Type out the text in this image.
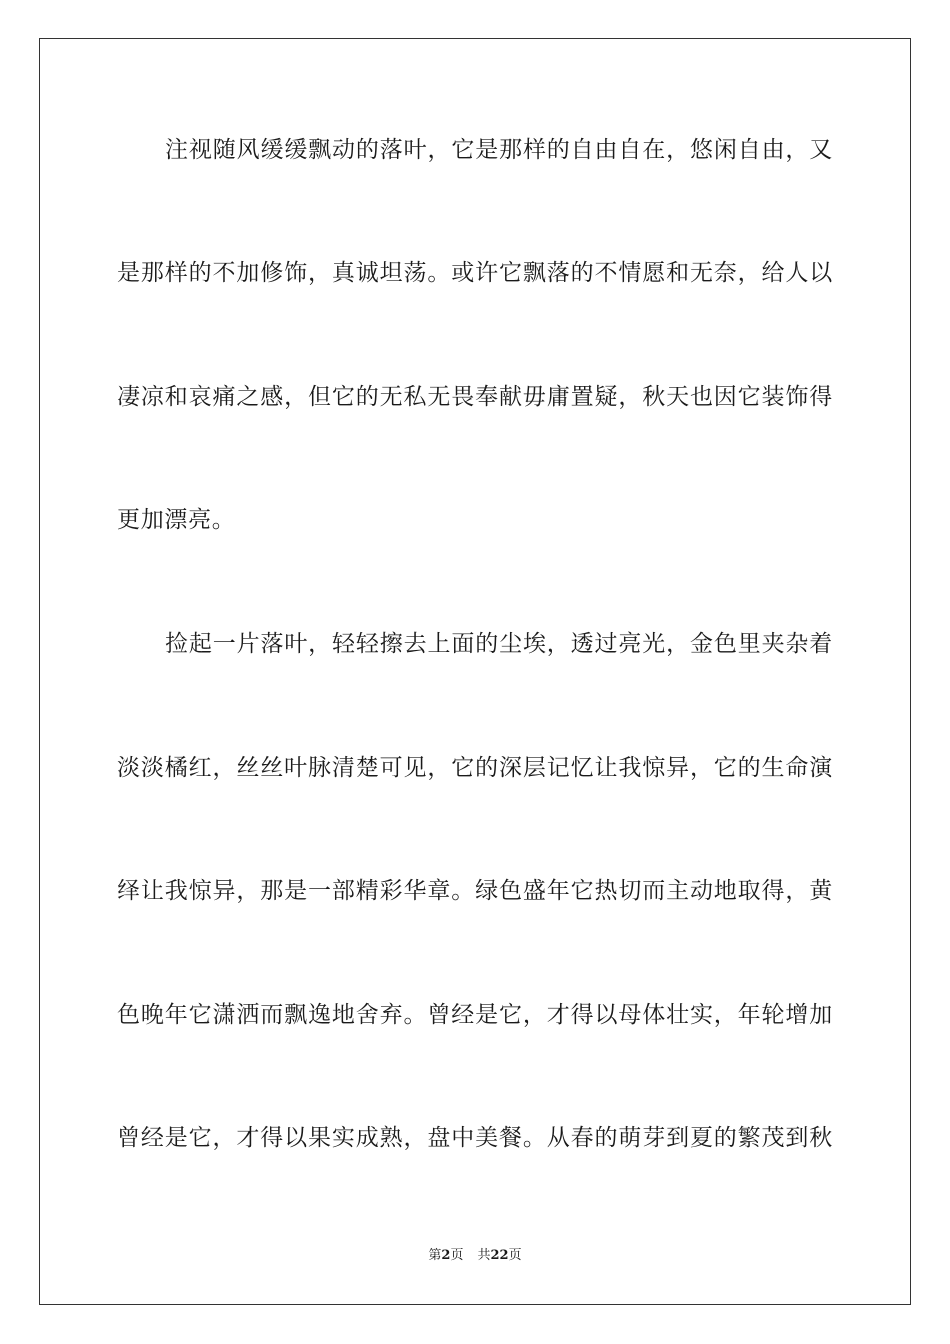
注视随风缓缓飘动的落叶，它是那样的自由自在，悠闲自由，又
是那样的不加修饰，真诚坦荡。或许它飘落的不情愿和无奈，给人以
凄凉和哀痛之感，但它的无私无畏奉献毋庸置疑，秋天也因它装饰得
更加漂亮。
捡起一片落叶，轻轻擦去上面的尘埃，透过亮光，金色里夹杂着
淡淡橘红，丝丝叶脉清楚可见，它的深层记忆让我惊异，它的生命演
绎让我惊异，那是一部精彩华章。绿色盛年它热切而主动地取得，黄
色晚年它潇洒而飘逸地舍弃。曾经是它，才得以母体壮实，年轮增加
曾经是它，才得以果实成熟，盘中美餐。从春的萌芽到夏的繁茂到秋
第2页 共22页
